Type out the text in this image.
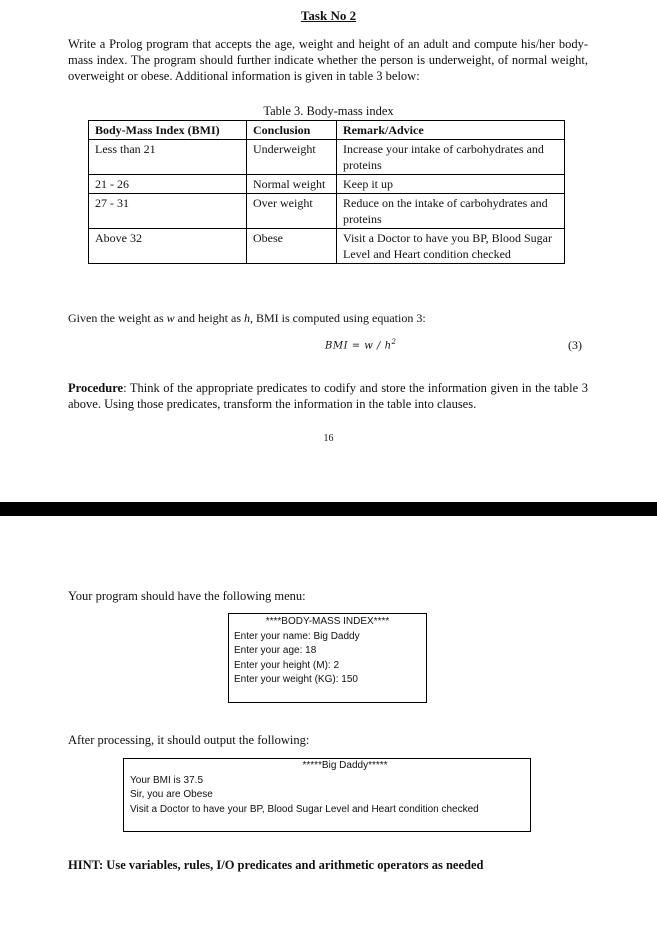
Task No 2
Write a Prolog program that accepts the age, weight and height of an adult and compute his/her body-mass index. The program should further indicate whether the person is underweight, of normal weight, overweight or obese. Additional information is given in table 3 below:
Table 3. Body-mass index
Body-Mass Index (BMI)	Conclusion	Remark/Advice
Less than 21	Underweight	Increase your intake of carbohydrates and proteins
21 - 26	Normal weight	Keep it up
27 - 31	Over weight	Reduce on the intake of carbohydrates and proteins
Above 32	Obese	Visit a Doctor to have you BP, Blood Sugar Level and Heart condition checked
Given the weight as w and height as h, BMI is computed using equation 3:
BMI = w / $h^2$	(3)
Procedure: Think of the appropriate predicates to codify and store the information given in the table 3 above. Using those predicates, transform the information in the table into clauses.
16
Your program should have the following menu:
****BODY-MASS INDEX****
Enter your name: Big Daddy
Enter your age: 18
Enter your height (M): 2
Enter your weight (KG): 150
After processing, it should output the following:
*****Big Daddy*****
Your BMI is 37.5
Sir, you are Obese
Visit a Doctor to have your BP, Blood Sugar Level and Heart condition checked
HINT: Use variables, rules, I/O predicates and arithmetic operators as needed
